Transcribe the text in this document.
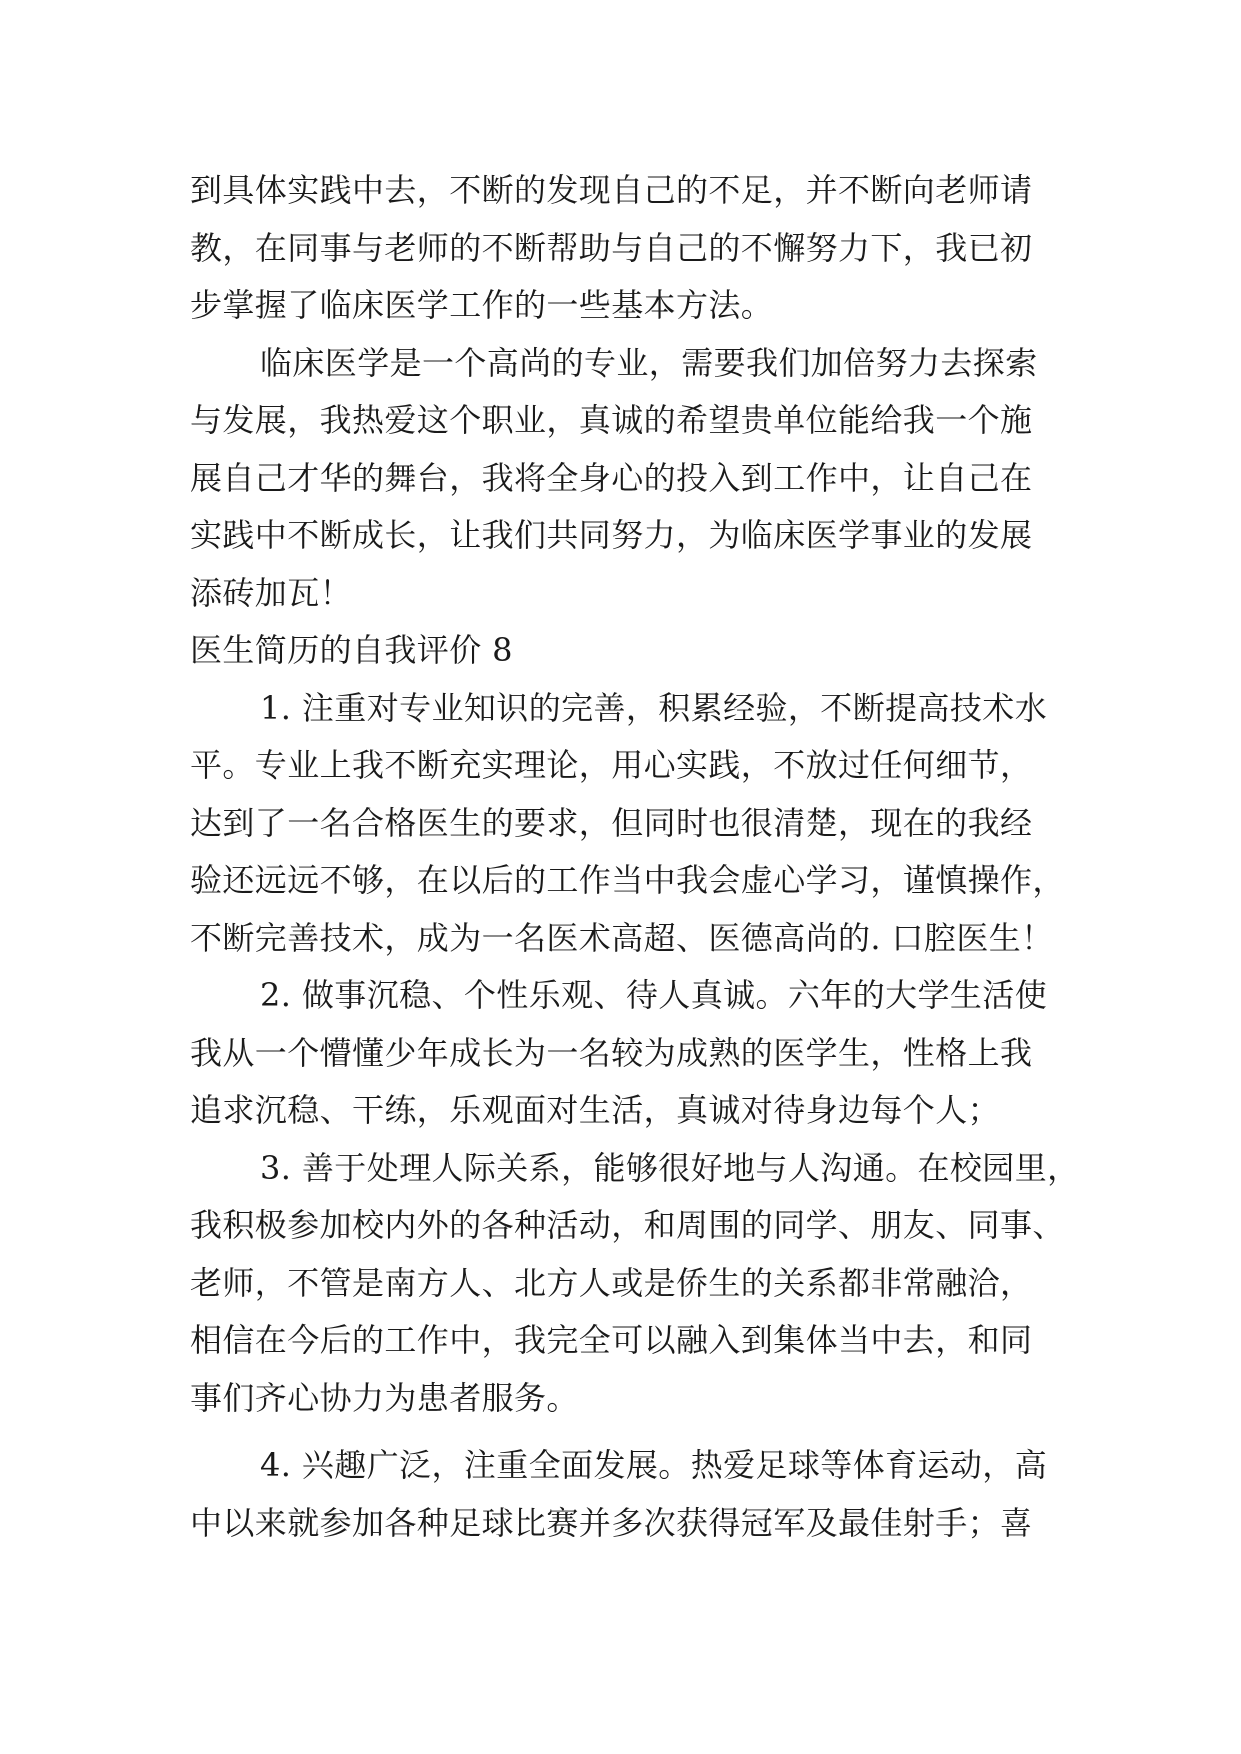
到具体实践中去，不断的发现自己的不足，并不断向老师请
教，在同事与老师的不断帮助与自己的不懈努力下，我已初
步掌握了临床医学工作的一些基本方法。
临床医学是一个高尚的专业，需要我们加倍努力去探索
与发展，我热爱这个职业，真诚的希望贵单位能给我一个施
展自己才华的舞台，我将全身心的投入到工作中，让自己在
实践中不断成长，让我们共同努力，为临床医学事业的发展
添砖加瓦！
医生简历的自我评价 8
1. 注重对专业知识的完善，积累经验，不断提高技术水
平。专业上我不断充实理论，用心实践，不放过任何细节，
达到了一名合格医生的要求，但同时也很清楚，现在的我经
验还远远不够，在以后的工作当中我会虚心学习，谨慎操作，
不断完善技术，成为一名医术高超、医德高尚的. 口腔医生！
2. 做事沉稳、个性乐观、待人真诚。六年的大学生活使
我从一个懵懂少年成长为一名较为成熟的医学生，性格上我
追求沉稳、干练，乐观面对生活，真诚对待身边每个人；
3. 善于处理人际关系，能够很好地与人沟通。在校园里，
我积极参加校内外的各种活动，和周围的同学、朋友、同事、
老师，不管是南方人、北方人或是侨生的关系都非常融洽，
相信在今后的工作中，我完全可以融入到集体当中去，和同
事们齐心协力为患者服务。
4. 兴趣广泛，注重全面发展。热爱足球等体育运动，高
中以来就参加各种足球比赛并多次获得冠军及最佳射手；喜
